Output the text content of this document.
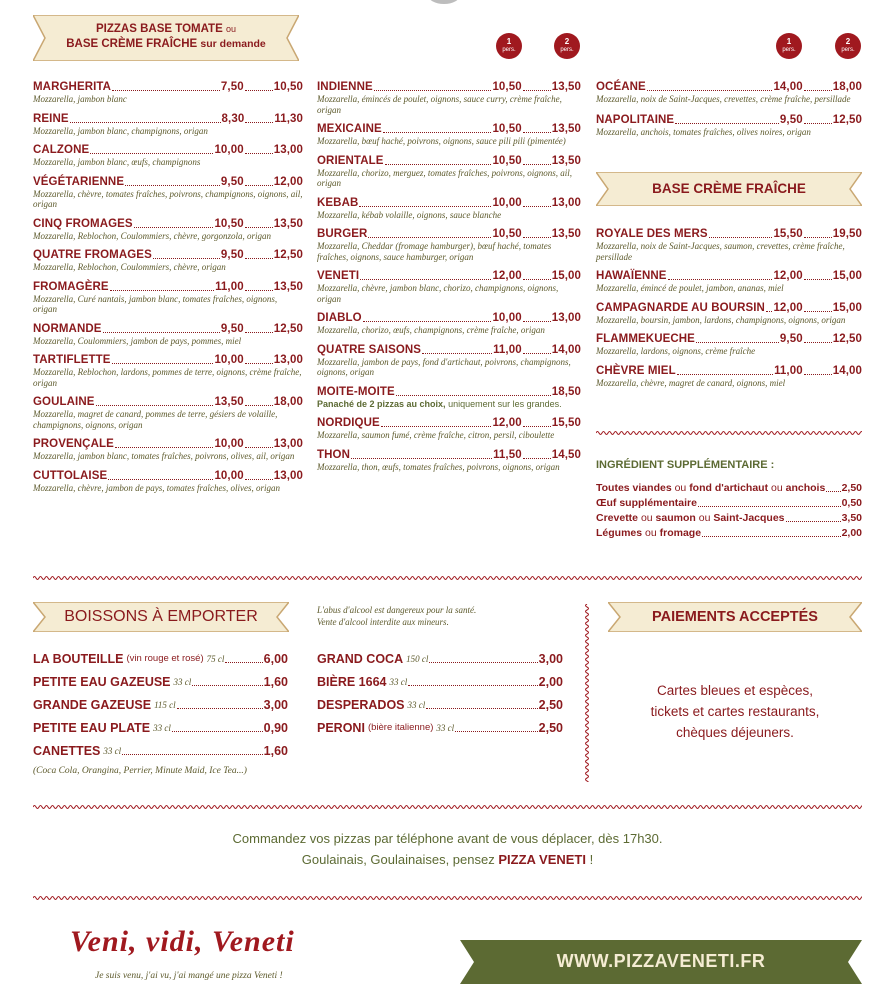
PIZZAS BASE TOMATE ou
BASE CRÈME FRAÎCHE sur demande	1
pers.
2
pers.
1
pers.
2
pers.
MARGHERITA	7,50	10,50
Mozzarella, jambon blanc
REINE	8,30	11,30
Mozzarella, jambon blanc, champignons, origan
CALZONE	10,00	13,00
Mozzarella, jambon blanc, œufs, champignons
VÉGÉTARIENNE	9,50	12,00
Mozzarella, chèvre, tomates fraîches, poivrons, champignons, oignons, ail, origan
CINQ FROMAGES	10,50	13,50
Mozzarella, Reblochon, Coulommiers, chèvre, gorgonzola, origan
QUATRE FROMAGES	9,50	12,50
Mozzarella, Reblochon, Coulommiers, chèvre, origan
FROMAGÈRE	11,00	13,50
Mozzarella, Curé nantais, jambon blanc, tomates fraîches, oignons, origan
NORMANDE	9,50	12,50
Mozzarella, Coulommiers, jambon de pays, pommes, miel
TARTIFLETTE	10,00	13,00
Mozzarella, Reblochon, lardons, pommes de terre, oignons, crème fraîche, origan
GOULAINE	13,50	18,00
Mozzarella, magret de canard, pommes de terre, gésiers de volaille, champignons, oignons, origan
PROVENÇALE	10,00	13,00
Mozzarella, jambon blanc, tomates fraîches, poivrons, olives, ail, origan
CUTTOLAISE	10,00	13,00
Mozzarella, chèvre, jambon de pays, tomates fraîches, olives, origan
INDIENNE	10,50	13,50
Mozzarella, émincés de poulet, oignons, sauce curry, crème fraîche, origan
MEXICAINE	10,50	13,50
Mozzarella, bœuf haché, poivrons, oignons, sauce pili pili (pimentée)
ORIENTALE	10,50	13,50
Mozzarella, chorizo, merguez, tomates fraîches, poivrons, oignons, ail, origan
KEBAB	10,00	13,00
Mozzarella, kébab volaille, oignons, sauce blanche
BURGER	10,50	13,50
Mozzarella, Cheddar (fromage hamburger), bœuf haché, tomates fraîches, oignons, sauce hamburger, origan
VENETI	12,00	15,00
Mozzarella, chèvre, jambon blanc, chorizo, champignons, oignons, origan
DIABLO	10,00	13,00
Mozzarella, chorizo, œufs, champignons, crème fraîche, origan
QUATRE SAISONS	11,00	14,00
Mozzarella, jambon de pays, fond d'artichaut, poivrons, champignons, oignons, origan
MOITE-MOITE	18,50
Panaché de 2 pizzas au choix, uniquement sur les grandes.
NORDIQUE	12,00	15,50
Mozzarella, saumon fumé, crème fraîche, citron, persil, ciboulette
THON	11,50	14,50
Mozzarella, thon, œufs, tomates fraîches, poivrons, oignons, origan
OCÉANE	14,00	18,00
Mozzarella, noix de Saint-Jacques, crevettes, crème fraîche, persillade
NAPOLITAINE	9,50	12,50
Mozzarella, anchois, tomates fraîches, olives noires, origan
BASE CRÈME FRAÎCHE
ROYALE DES MERS	15,50	19,50
Mozzarella, noix de Saint-Jacques, saumon, crevettes, crème fraîche, persillade
HAWAÏENNE	12,00	15,00
Mozzarella, émincé de poulet, jambon, ananas, miel
CAMPAGNARDE AU BOURSIN 12,00	15,00
Mozzarella, boursin, jambon, lardons, champignons, oignons, origan
FLAMMEKUECHE	9,50	12,50
Mozzarella, lardons, oignons, crème fraîche
CHÈVRE MIEL	11,00	14,00
Mozzarella, chèvre, magret de canard, oignons, miel
INGRÉDIENT SUPPLÉMENTAIRE :
Toutes viandes ou fond d'artichaut ou anchois 2,50
Œuf supplémentaire	0,50
Crevette ou saumon ou Saint-Jacques	3,50
Légumes ou fromage	2,00
BOISSONS À EMPORTER	L'abus d'alcool est dangereux pour la santé.
Vente d'alcool interdite aux mineurs.
LA BOUTEILLE (vin rouge et rosé) 75 cl	6,00
PETITE EAU GAZEUSE 33 cl	1,60
GRANDE GAZEUSE 115 cl	3,00
PETITE EAU PLATE 33 cl	0,90
CANETTES 33 cl	1,60
(Coca Cola, Orangina, Perrier, Minute Maid, Ice Tea...)
GRAND COCA 150 cl	3,00
BIÈRE 1664 33 cl	2,00
DESPERADOS 33 cl	2,50
PERONI (bière italienne) 33 cl	2,50
PAIEMENTS ACCEPTÉS
Cartes bleues et espèces,
tickets et cartes restaurants,
chèques déjeuners.
Commandez vos pizzas par téléphone avant de vous déplacer, dès 17h30.
Goulainais, Goulainaises, pensez PIZZA VENETI !
Veni, vidi, Veneti
Je suis venu, j'ai vu, j'ai mangé une pizza Veneti !
WWW.PIZZAVENETI.FR
